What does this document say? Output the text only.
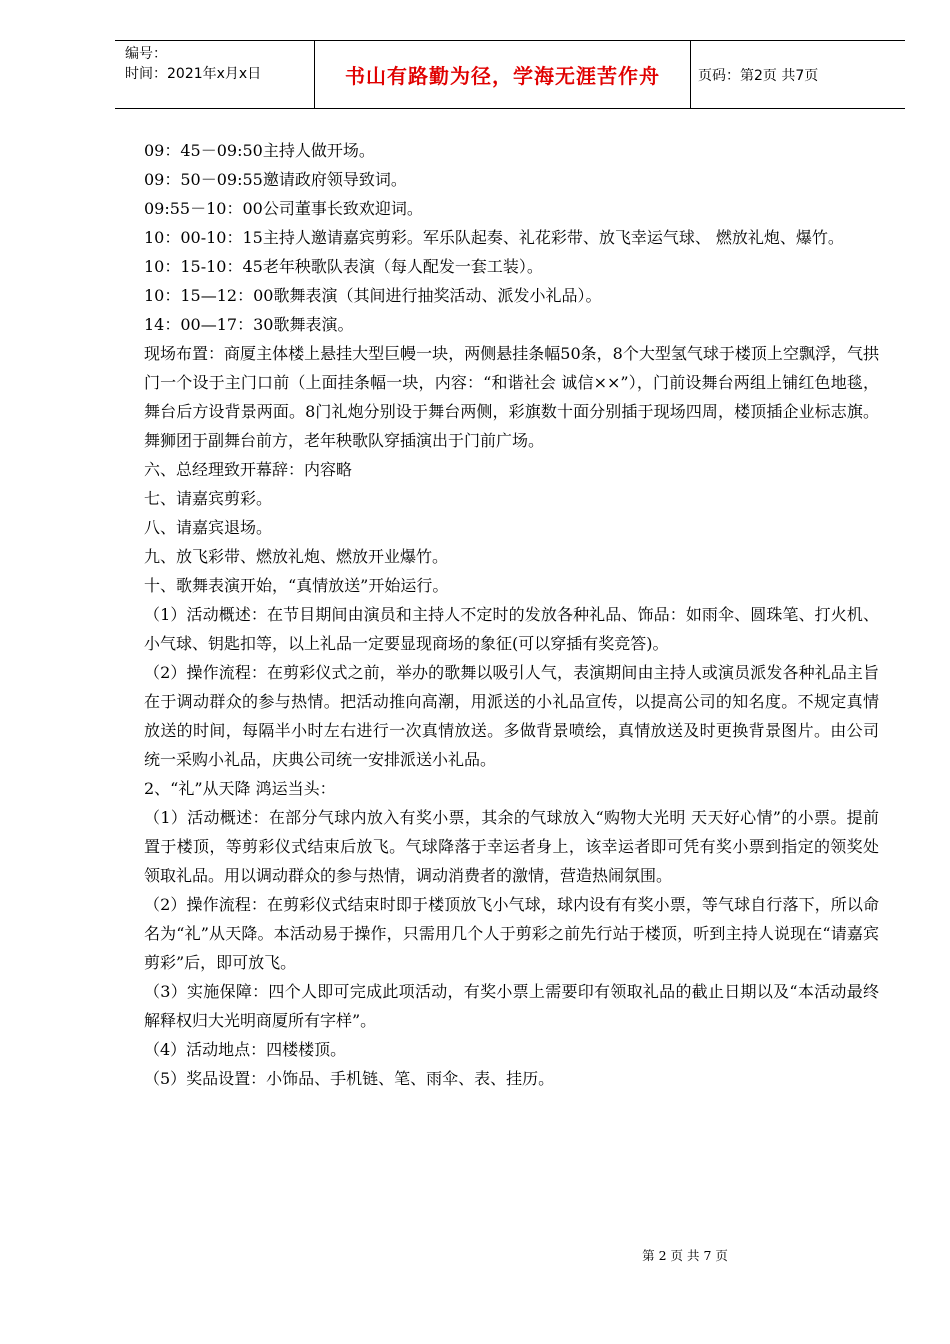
编号：
时间：2021年x月x日	书山有路勤为径，学海无涯苦作舟	页码：第2页 共7页

09：45－09:50主持人做开场。

09：50－09:55邀请政府领导致词。

09:55－10：00公司董事长致欢迎词。

10：00-10：15主持人邀请嘉宾剪彩。军乐队起奏、礼花彩带、放飞幸运气球、 燃放礼炮、爆竹。

10：15-10：45老年秧歌队表演（每人配发一套工装）。

10：15—12：00歌舞表演（其间进行抽奖活动、派发小礼品）。

14：00—17：30歌舞表演。

现场布置：商厦主体楼上悬挂大型巨幔一块，两侧悬挂条幅50条，8个大型氢气球于楼顶上空飘浮，气拱门一个设于主门口前（上面挂条幅一块，内容：“和谐社会 诚信××”），门前设舞台两组上铺红色地毯，舞台后方设背景两面。8门礼炮分别设于舞台两侧，彩旗数十面分别插于现场四周，楼顶插企业标志旗。舞狮团于副舞台前方，老年秧歌队穿插演出于门前广场。

六、总经理致开幕辞：内容略

七、请嘉宾剪彩。

八、请嘉宾退场。

九、放飞彩带、燃放礼炮、燃放开业爆竹。

十、歌舞表演开始，“真情放送”开始运行。

（1）活动概述：在节目期间由演员和主持人不定时的发放各种礼品、饰品：如雨伞、圆珠笔、打火机、小气球、钥匙扣等，以上礼品一定要显现商场的象征(可以穿插有奖竞答)。

（2）操作流程：在剪彩仪式之前，举办的歌舞以吸引人气，表演期间由主持人或演员派发各种礼品主旨在于调动群众的参与热情。把活动推向高潮，用派送的小礼品宣传，以提高公司的知名度。不规定真情放送的时间，每隔半小时左右进行一次真情放送。多做背景喷绘，真情放送及时更换背景图片。由公司统一采购小礼品，庆典公司统一安排派送小礼品。

2、“礼”从天降 鸿运当头：

（1）活动概述：在部分气球内放入有奖小票，其余的气球放入“购物大光明 天天好心情”的小票。提前置于楼顶，等剪彩仪式结束后放飞。气球降落于幸运者身上，该幸运者即可凭有奖小票到指定的领奖处领取礼品。用以调动群众的参与热情，调动消费者的激情，营造热闹氛围。

（2）操作流程：在剪彩仪式结束时即于楼顶放飞小气球，球内设有有奖小票，等气球自行落下，所以命名为“礼”从天降。本活动易于操作，只需用几个人于剪彩之前先行站于楼顶，听到主持人说现在“请嘉宾剪彩”后，即可放飞。

（3）实施保障：四个人即可完成此项活动，有奖小票上需要印有领取礼品的截止日期以及“本活动最终解释权归大光明商厦所有字样”。

（4）活动地点：四楼楼顶。

（5）奖品设置：小饰品、手机链、笔、雨伞、表、挂历。

第 2 页 共 7 页
